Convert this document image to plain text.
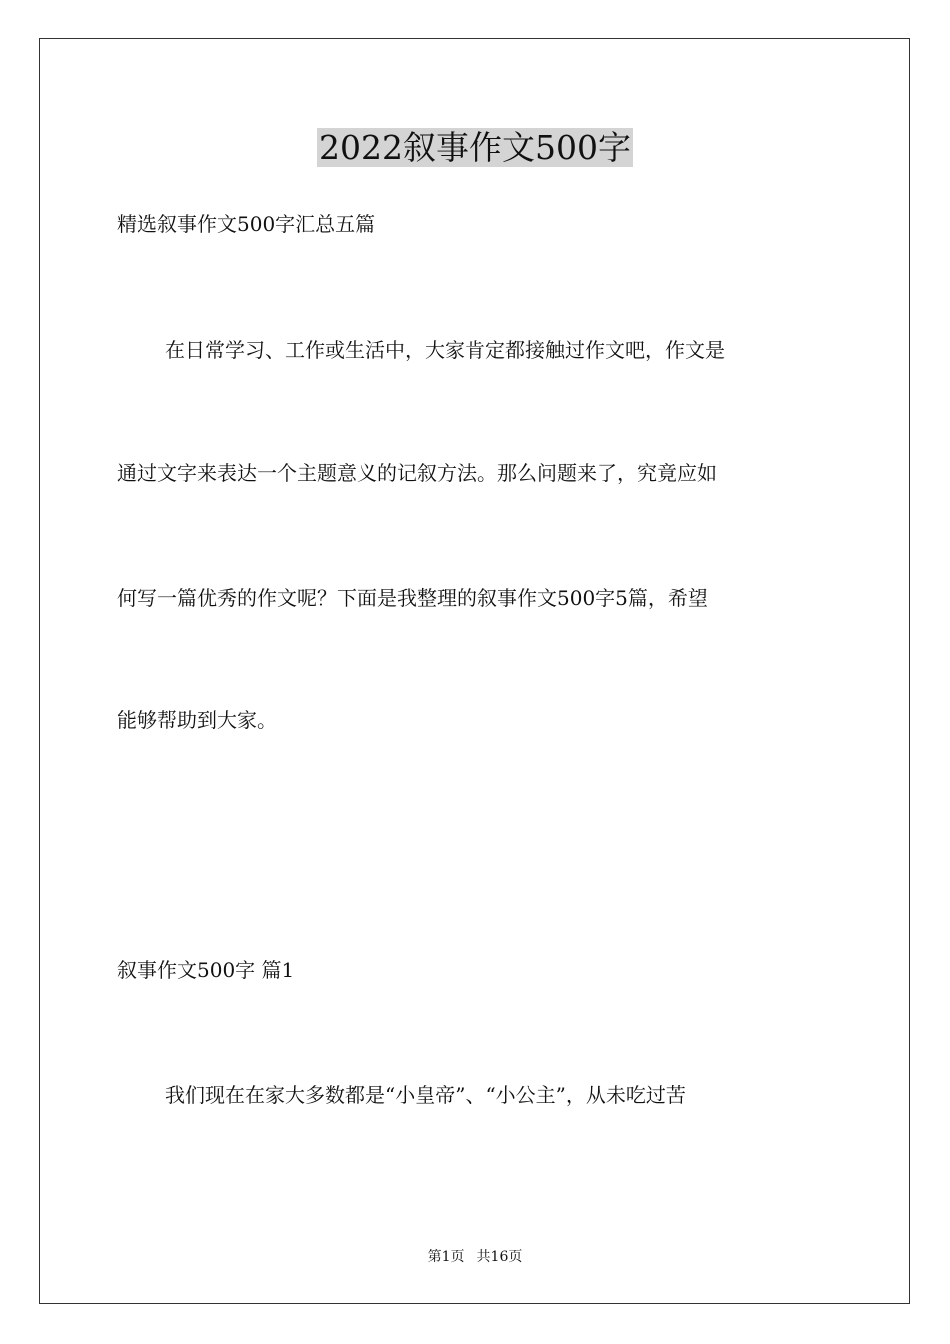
2022叙事作文500字
精选叙事作文500字汇总五篇
在日常学习、工作或生活中，大家肯定都接触过作文吧，作文是
通过文字来表达一个主题意义的记叙方法。那么问题来了，究竟应如
何写一篇优秀的作文呢？下面是我整理的叙事作文500字5篇，希望
能够帮助到大家。
叙事作文500字 篇1
我们现在在家大多数都是“小皇帝”、“小公主”，从未吃过苦
第1页 共16页
